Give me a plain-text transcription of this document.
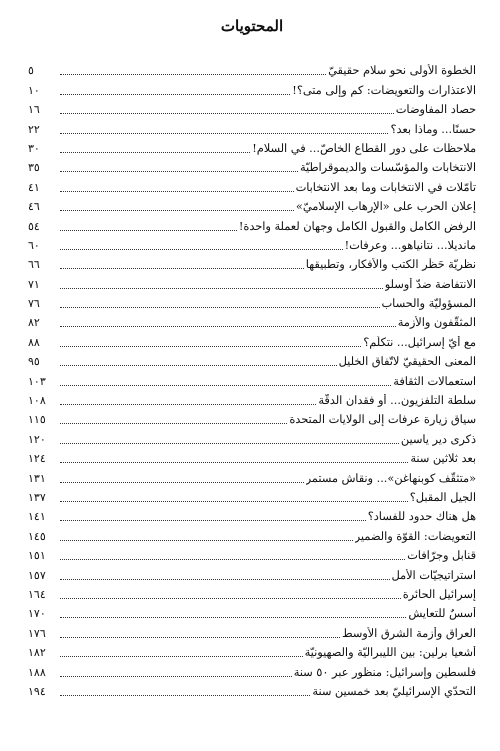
المحتويات
الخطوة الأولى نحو سلام حقيقيّ
٥
الاعتذارات والتعويضات: كم وإلى متى؟!
١٠
حصاد المفاوضات
١٦
حسنًا... وماذا بعد؟
٢٢
ملاحظات على دور القطاع الخاصّ... في السلام!
٣٠
الانتخابات والمؤسّسات والديموقراطيّة
٣٥
تأمّلات في الانتخابات وما بعد الانتخابات
٤١
إعلان الحرب على «الإرهاب الإسلاميّ»
٤٦
الرفض الكامل والقبول الكامل وجهان لعملة واحدة!
٥٤
مانديلا... نتانياهو... وعرفات!
٦٠
نظريّة حَظْر الكتب والأفكار، وتطبيقها
٦٦
الانتفاضة ضدّ أوسلو
٧١
المسؤوليّة والحساب
٧٦
المثقّفون والأزمة
٨٢
مع أيّ إسرائيل... نتكلّم؟
٨٨
المعنى الحقيقيّ لاتّفاق الخليل
٩٥
استعمالات الثقافة
١٠٣
سلطة التلفزيون... أو فقدان الدقّة
١٠٨
سياق زيارة عرفات إلى الولايات المتحدة
١١٥
ذكرى دير ياسين
١٢٠
بعد ثلاثين سنة
١٢٤
«متثقّف كوبنهاغن»... ونقاش مستمر
١٣١
الجيل المقبل؟
١٣٧
هل هناك حدود للفساد؟
١٤١
التعويضات: القوّة والضمير
١٤٥
قنابل وجرّافات
١٥١
استراتيجيّات الأمل
١٥٧
إسرائيل الحائرة
١٦٤
أسسٌ للتعايش
١٧٠
العراق وأزمة الشرق الأوسط
١٧٦
أشعيا برلين: بين الليبراليّة والصهيونيّة
١٨٢
فلسطين وإسرائيل: منظور عبر ٥٠ سنة
١٨٨
التحدّي الإسرائيليّ بعد خمسين سنة
١٩٤
